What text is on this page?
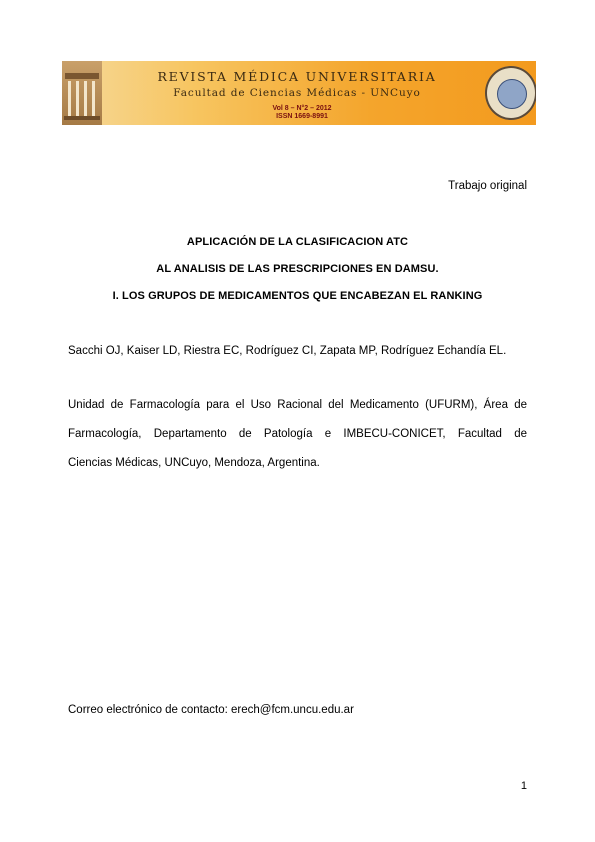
REVISTA MÉDICA UNIVERSITARIA
Facultad de Ciencias Médicas - UNCuyo
Vol 8 – N°2 – 2012
ISSN 1669-8991
Trabajo original
APLICACIÓN DE LA CLASIFICACION ATC
AL ANALISIS DE LAS PRESCRIPCIONES EN DAMSU.
I. LOS GRUPOS DE MEDICAMENTOS QUE ENCABEZAN EL RANKING
Sacchi OJ, Kaiser LD, Riestra EC, Rodríguez CI, Zapata MP, Rodríguez Echandía EL.
Unidad de Farmacología para el Uso Racional del Medicamento (UFURM), Área de
Farmacología, Departamento de Patología e IMBECU-CONICET, Facultad de
Ciencias Médicas, UNCuyo, Mendoza, Argentina.
Correo electrónico de contacto: erech@fcm.uncu.edu.ar
1
